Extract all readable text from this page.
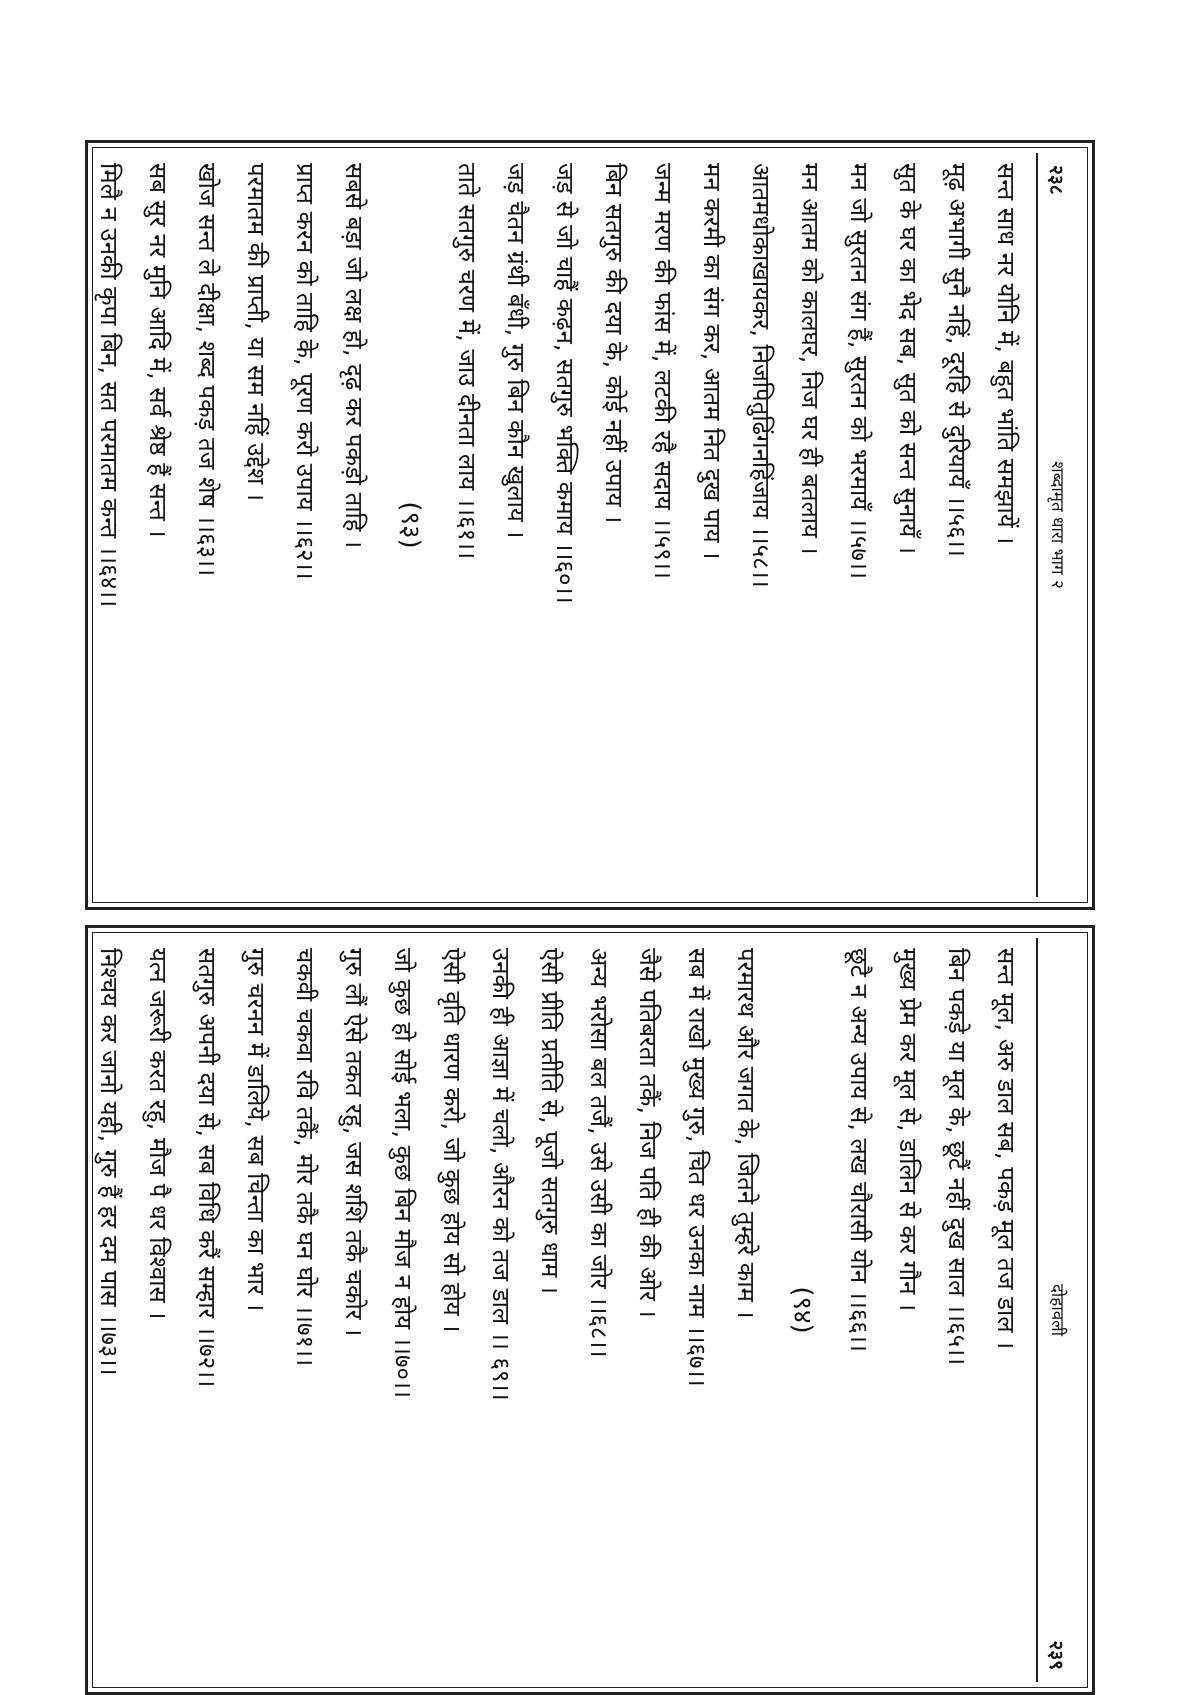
२३८
शब्दामृत धारा भाग २
सन्त साध नर योनि में, बहुत भांति समझायें ।
मूढ़ अभागी सुनै नहिं, दूरहि से दुरियायँ ।।५६।।
सुत के घर का भेद सब, सुत को सन्त सुनायँ ।
मन जो सुरतन संग हैं, सुरतन को भरमायँ ।।५७।।
मन आतम को कालघर, निज घर ही बतलाय ।
आतमधोकाखायकर, निजपितुढिंगनहिंजाय ।।५८।।
मन करमी का संग कर, आतम नित दुख पाय ।
जन्म मरण की फांस में, लटकी रहै सदाय ।।५९।।
बिन सतगुरु की दया के, कोई नहीं उपाय ।
जड़ से जो चाहैं कढ़न, सतगुरु भक्ति कमाय ।।६०।।
जड़ चैतन ग्रंथी बँधी, गुरु बिन कौन खुलाय ।
ताते सतगुरु चरण में, जाउ दीनता लाय ।।६१।।
(९३)
सबसे बड़ा जो लक्ष हो, दृढ़ कर पकड़ो ताहि ।
प्राप्त करन को ताहि के, पूरण करो उपाय ।।६२।।
परमातम की प्राप्ती, या सम नहिं उद्देश ।
खोज सन्त ले दीक्षा, शब्द पकड़ तज शेष ।।६३।।
सब सुर नर मुनि आदि में, सर्व श्रेष्ठ हैं सन्त ।
मिलै न उनकी कृपा बिन, सत परमातम कन्त ।।६४।।
दोहावली
२३९
सन्त मूल, अरु डाल सब, पकड़ मूल तज डाल ।
बिन पकड़े या मूल के, छूटैं नहीं दुख साल ।।६५।।
मुख्य प्रेम कर मूल से, डालिन से कर गौन ।
छूटै न अन्य उपाय से, लख चौरासी योन ।।६६।।
(९४)
परमारथ और जगत के, जितने तुम्हरे काम ।
सब में राखो मुख्य गुरु, चित धर उनका नाम ।।६७।।
जैसे पतिबरता तकैं, निज पति ही की ओर ।
अन्य भरोसा बल तजैं, उसे उसी का जोर ।।६८।।
ऐसी प्रीति प्रतीति से, पूजो सतगुरु धाम ।
उनकी ही आज्ञा में चलो, औरन को तज डाल ।। ६९।।
ऐसी वृति धारण करो, जो कुछ होय सो होय ।
जो कुछ हो सोई भला, कुछ बिन मौज न होय ।।७०।।
गुरु लौं ऐसे तकत रहु, जस शशि तकै चकोर ।
चकवी चकवा रवि तकैं, मोर तकै घन घोर ।।७१।।
गुरु चरनन में डालिये, सब चिन्ता का भार ।
सतगुरु अपनी दया से, सब विधि करैं सम्हार ।।७२।।
यत्न जरूरी करत रहु, मौज पै धर विश्वास ।
निश्चय कर जानो यही, गुरु हैं हर दम पास ।।७३।।
